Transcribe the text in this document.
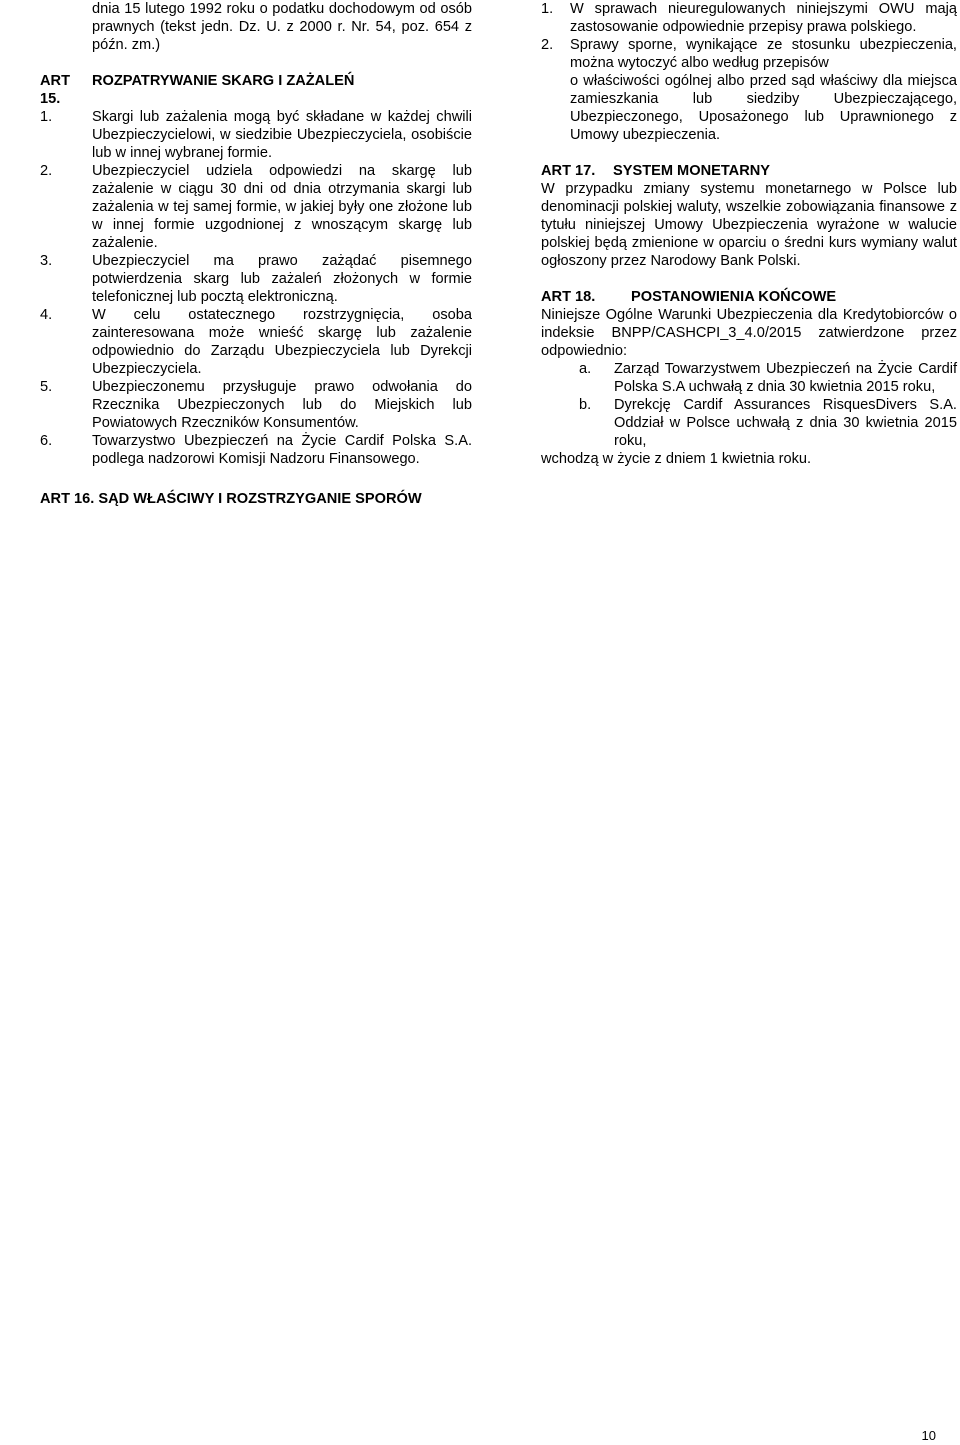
dnia 15 lutego 1992 roku o podatku dochodowym od osób prawnych (tekst jedn. Dz. U. z 2000 r. Nr. 54, poz. 654 z późn. zm.)

ART 15.
ROZPATRYWANIE SKARG I ZAŻALEŃ
1.	Skargi lub zażalenia mogą być składane w każdej chwili Ubezpieczycielowi, w siedzibie Ubezpieczyciela, osobiście lub w innej wybranej formie.
2.	Ubezpieczyciel udziela odpowiedzi na skargę lub zażalenie w ciągu 30 dni od dnia otrzymania skargi lub zażalenia w tej samej formie, w jakiej były one złożone lub w innej formie uzgodnionej z wnoszącym skargę lub zażalenie.
3.	Ubezpieczyciel ma prawo zażądać pisemnego potwierdzenia skarg lub zażaleń złożonych w formie telefonicznej lub pocztą elektroniczną.
4.	W celu ostatecznego rozstrzygnięcia, osoba zainteresowana może wnieść skargę lub zażalenie odpowiednio do Zarządu Ubezpieczyciela lub Dyrekcji Ubezpieczyciela.
5.	Ubezpieczonemu przysługuje prawo odwołania do Rzecznika Ubezpieczonych lub do Miejskich lub Powiatowych Rzeczników Konsumentów.
6.	Towarzystwo Ubezpieczeń na Życie Cardif Polska S.A. podlega nadzorowi Komisji Nadzoru Finansowego.

ART 16. SĄD WŁAŚCIWY I ROZSTRZYGANIE SPORÓW

1.	W sprawach nieuregulowanych niniejszymi OWU mają zastosowanie odpowiednie przepisy prawa polskiego.
2.	Sprawy sporne, wynikające ze stosunku ubezpieczenia, można wytoczyć albo według przepisów
o właściwości ogólnej albo przed sąd właściwy dla miejsca zamieszkania lub siedziby Ubezpieczającego, Ubezpieczonego, Uposażonego lub Uprawnionego z Umowy ubezpieczenia.
ART 17.	SYSTEM MONETARNY

W przypadku zmiany systemu monetarnego w Polsce lub denominacji polskiej waluty, wszelkie zobowiązania finansowe z tytułu niniejszej Umowy Ubezpieczenia wyrażone w walucie polskiej będą zmienione w oparciu o średni kurs wymiany walut ogłoszony przez Narodowy Bank Polski.

ART 18.	POSTANOWIENIA KOŃCOWE

Niniejsze Ogólne Warunki Ubezpieczenia dla Kredytobiorców o indeksie BNPP/CASHCPI_3_4.0/2015 zatwierdzone przez odpowiednio:

a.	Zarząd Towarzystwem Ubezpieczeń na Życie Cardif Polska S.A uchwałą z dnia 30 kwietnia 2015 roku,
b.	Dyrekcję Cardif Assurances RisquesDivers S.A. Oddział w Polsce uchwałą z dnia 30 kwietnia 2015 roku,

wchodzą w życie z dniem 1 kwietnia roku.

10
